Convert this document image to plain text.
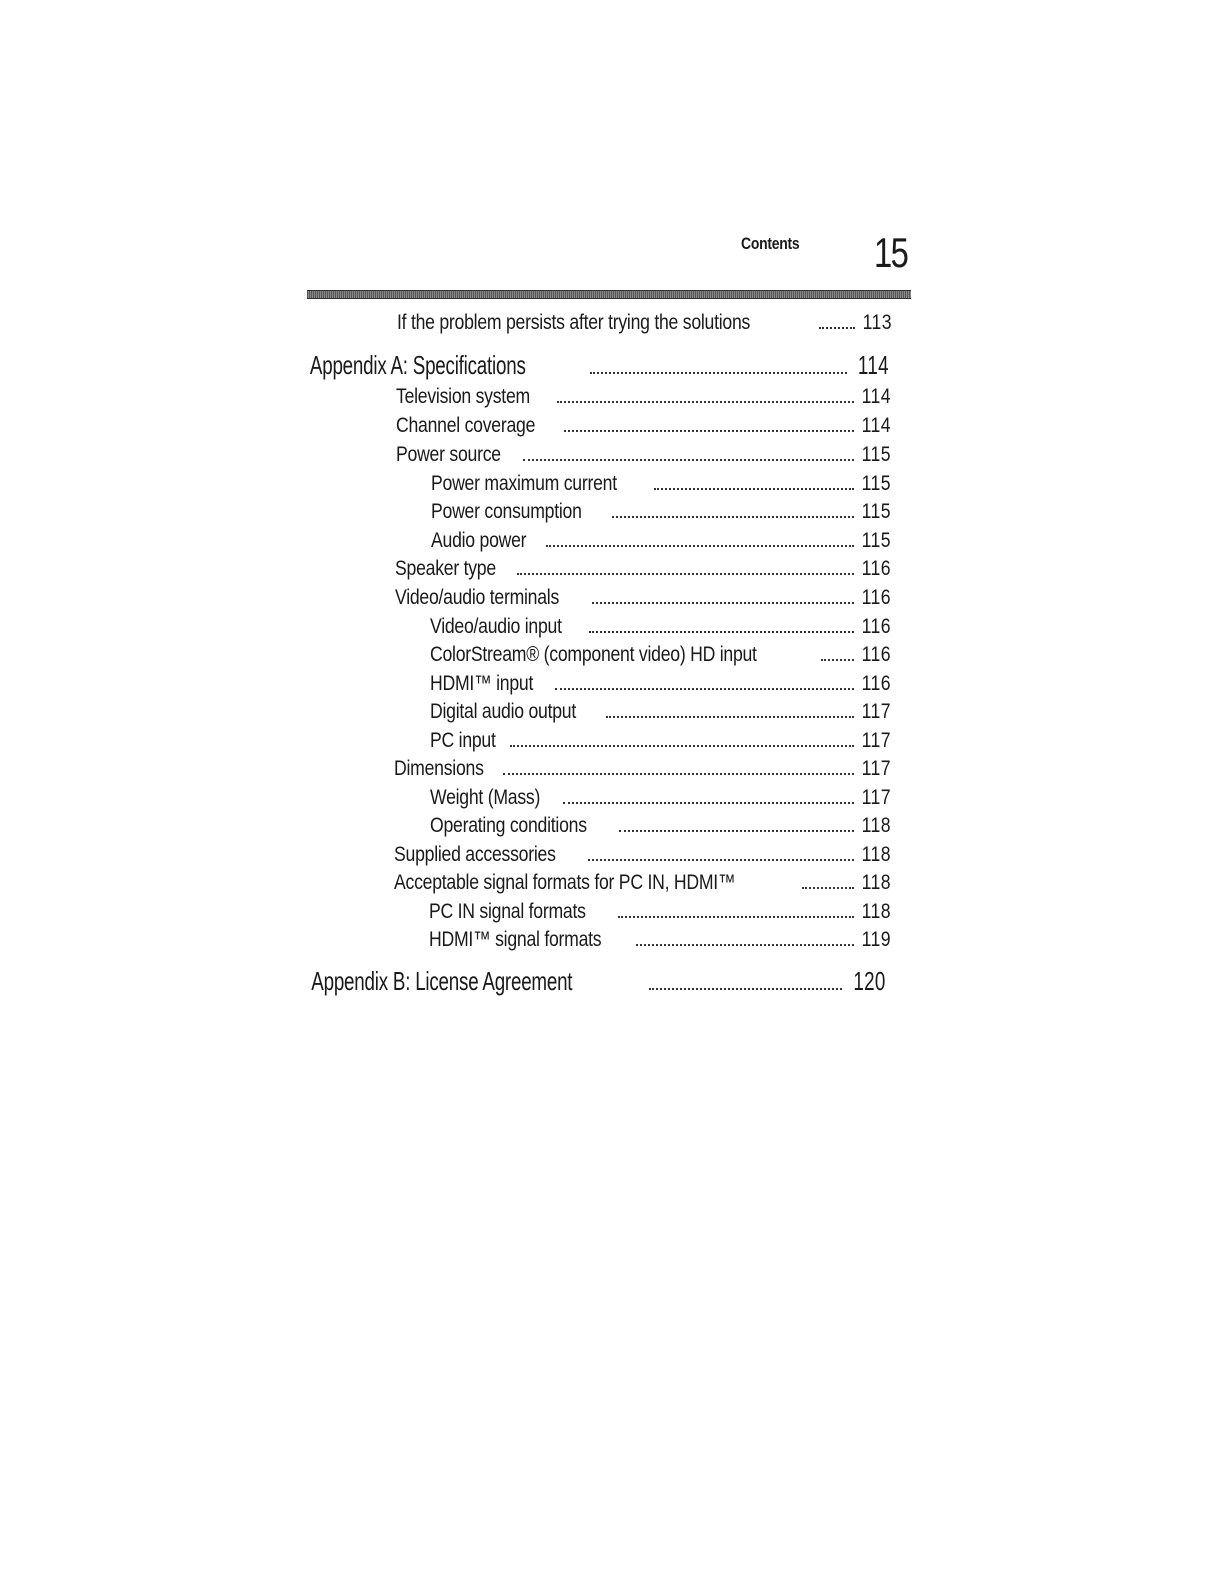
Contents 15
If the problem persists after trying the solutions	113
Appendix A: Specifications	114
Television system	114
Channel coverage	114
Power source	115
Power maximum current	115
Power consumption	115
Audio power	115
Speaker type	116
Video/audio terminals	116
Video/audio input	116
ColorStream® (component video) HD input	116
HDMI™ input	116
Digital audio output	117
PC input	117
Dimensions	117
Weight (Mass)	117
Operating conditions	118
Supplied accessories	118
Acceptable signal formats for PC IN, HDMI™	118
PC IN signal formats	118
HDMI™ signal formats	119
Appendix B: License Agreement	120
